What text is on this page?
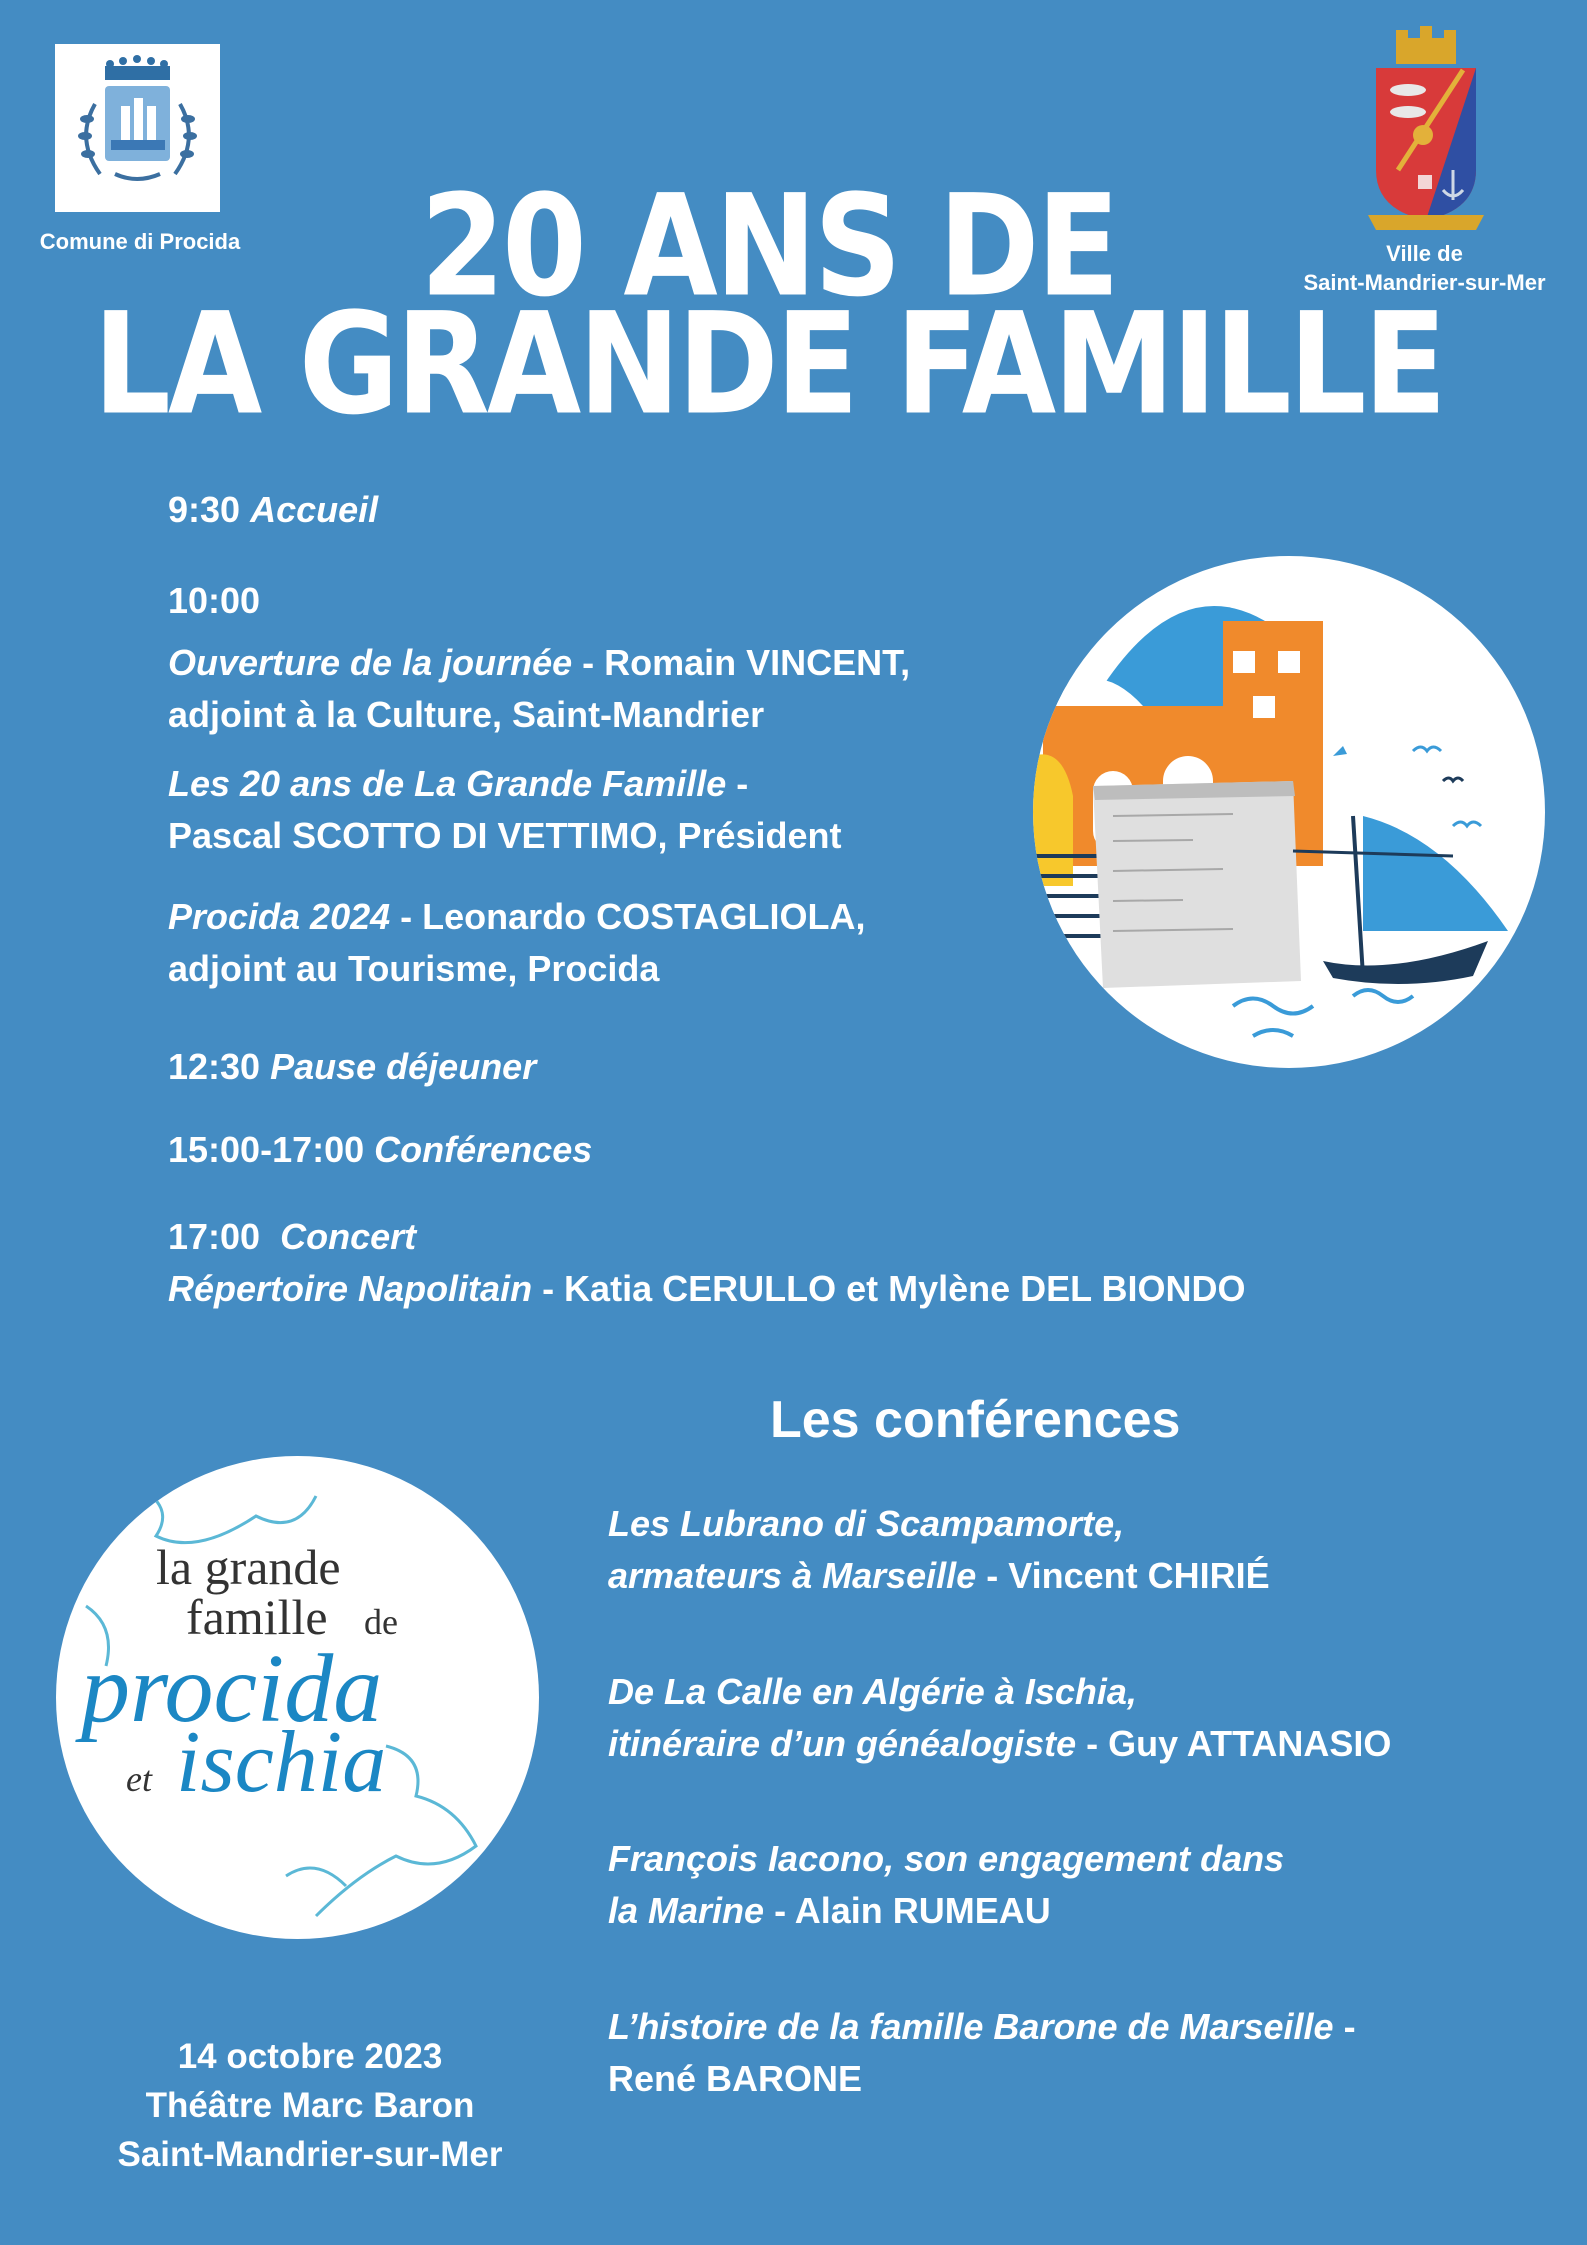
Comune di Procida	Ville de
Saint-Mandrier-sur-Mer
20 ANS DE
LA GRANDE FAMILLE
9:30 Accueil
10:00
Ouverture de la journée - Romain VINCENT,
adjoint à la Culture, Saint-Mandrier
Les 20 ans de La Grande Famille -
Pascal SCOTTO DI VETTIMO, Président
Procida 2024 - Leonardo COSTAGLIOLA,
adjoint au Tourisme, Procida
12:30 Pause déjeuner
15:00-17:00 Conférences
17:00 Concert
Répertoire Napolitain - Katia CERULLO et Mylène DEL BIONDO
Les conférences
Les Lubrano di Scampamorte,
armateurs à Marseille - Vincent CHIRIÉ
De La Calle en Algérie à Ischia,
itinéraire d’un généalogiste - Guy ATTANASIO
François Iacono, son engagement dans
la Marine - Alain RUMEAU
L’histoire de la famille Barone de Marseille -
René BARONE
la grande
famille de
procida
et ischia
14 octobre 2023
Théâtre Marc Baron
Saint-Mandrier-sur-Mer
